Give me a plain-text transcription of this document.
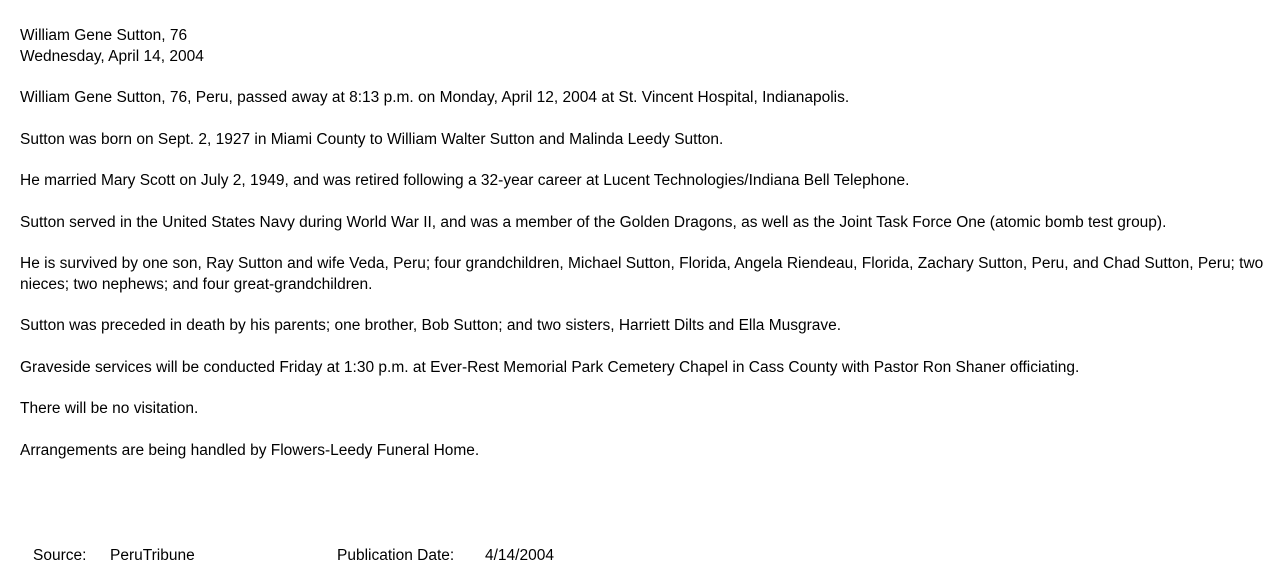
William Gene Sutton, 76

Wednesday, April 14, 2004

William Gene Sutton, 76, Peru, passed away at 8:13 p.m. on Monday, April 12, 2004 at St. Vincent Hospital, Indianapolis.

Sutton was born on Sept. 2, 1927 in Miami County to William Walter Sutton and Malinda Leedy Sutton.

He married Mary Scott on July 2, 1949, and was retired following a 32-year career at Lucent Technologies/Indiana Bell Telephone.

Sutton served in the United States Navy during World War II, and was a member of the Golden Dragons, as well as the Joint Task Force One (atomic bomb test group).

He is survived by one son, Ray Sutton and wife Veda, Peru; four grandchildren, Michael Sutton, Florida, Angela Riendeau, Florida, Zachary Sutton, Peru, and Chad Sutton, Peru; two nieces; two nephews; and four great-grandchildren.

Sutton was preceded in death by his parents; one brother, Bob Sutton; and two sisters, Harriett Dilts and Ella Musgrave.

Graveside services will be conducted Friday at 1:30 p.m. at Ever-Rest Memorial Park Cemetery Chapel in Cass County with Pastor Ron Shaner officiating.

There will be no visitation.

Arrangements are being handled by Flowers-Leedy Funeral Home.

Source: PeruTribune	Publication Date: 4/14/2004
